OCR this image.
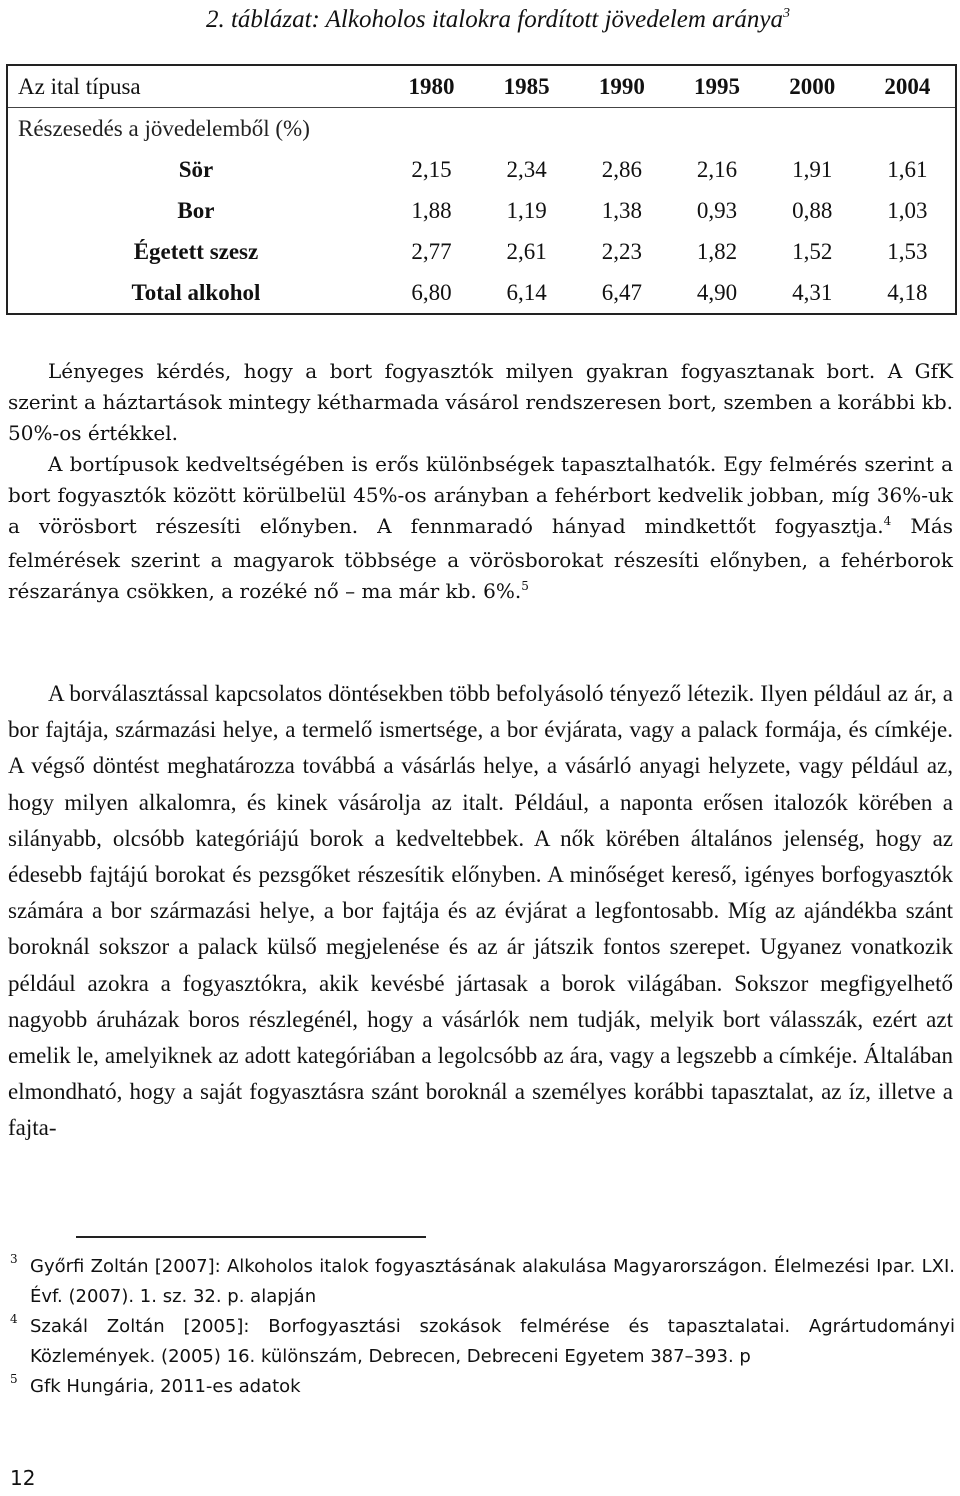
2. táblázat: Alkoholos italokra fordított jövedelem aránya$^3$
Az ital típusa	1980	1985	1990	1995	2000	2004
Részesedés a jövedelemből (%)						
Sör	2,15	2,34	2,86	2,16	1,91	1,61
Bor	1,88	1,19	1,38	0,93	0,88	1,03
Égetett szesz	2,77	2,61	2,23	1,82	1,52	1,53
Total alkohol	6,80	6,14	6,47	4,90	4,31	4,18

Lényeges kérdés, hogy a bort fogyasztók milyen gyakran fogyasztanak bort. A GfK szerint a háztartások mintegy kétharmada vásárol rendszeresen bort, szemben a korábbi kb. 50%-os értékkel.

A bortípusok kedveltségében is erős különbségek tapasztalhatók. Egy felmérés szerint a bort fogyasztók között körülbelül 45%-os arányban a fehérbort kedvelik jobban, míg 36%-uk a vörösbort részesíti előnyben. A fennmaradó hányad mindkettőt fogyasztja.$^4$ Más felmérések szerint a magyarok többsége a vörösborokat részesíti előnyben, a fehérborok részaránya csökken, a rozéké nő – ma már kb. 6%.$^5$

A borválasztással kapcsolatos döntésekben több befolyásoló tényező létezik. Ilyen például az ár, a bor fajtája, származási helye, a termelő ismertsége, a bor évjárata, vagy a palack formája, és címkéje. A végső döntést meghatározza továbbá a vásárlás helye, a vásárló anyagi helyzete, vagy például az, hogy milyen alkalomra, és kinek vásárolja az italt. Például, a naponta erősen italozók körében a silányabb, olcsóbb kategóriájú borok a kedveltebbek. A nők körében általános jelenség, hogy az édesebb fajtájú borokat és pezsgőket részesítik előnyben. A minőséget kereső, igényes borfogyasztók számára a bor származási helye, a bor fajtája és az évjárat a legfontosabb. Míg az ajándékba szánt boroknál sokszor a palack külső megjelenése és az ár játszik fontos szerepet. Ugyanez vonatkozik például azokra a fogyasztókra, akik kevésbé jártasak a borok világában. Sokszor megfigyelhető nagyobb áruházak boros részlegénél, hogy a vásárlók nem tudják, melyik bort válasszák, ezért azt emelik le, amelyiknek az adott kategóriában a legolcsóbb az ára, vagy a legszebb a címkéje. Általában elmondható, hogy a saját fogyasztásra szánt boroknál a személyes korábbi tapasztalat, az íz, illetve a fajta-

3 Győrfi Zoltán [2007]: Alkoholos italok fogyasztásának alakulása Magyarországon. Élelmezési Ipar. LXI. Évf. (2007). 1. sz. 32. p. alapján
4 Szakál Zoltán [2005]: Borfogyasztási szokások felmérése és tapasztalatai. Agrártudományi Közlemények. (2005) 16. különszám, Debrecen, Debreceni Egyetem 387–393. p
5 Gfk Hungária, 2011-es adatok
12
